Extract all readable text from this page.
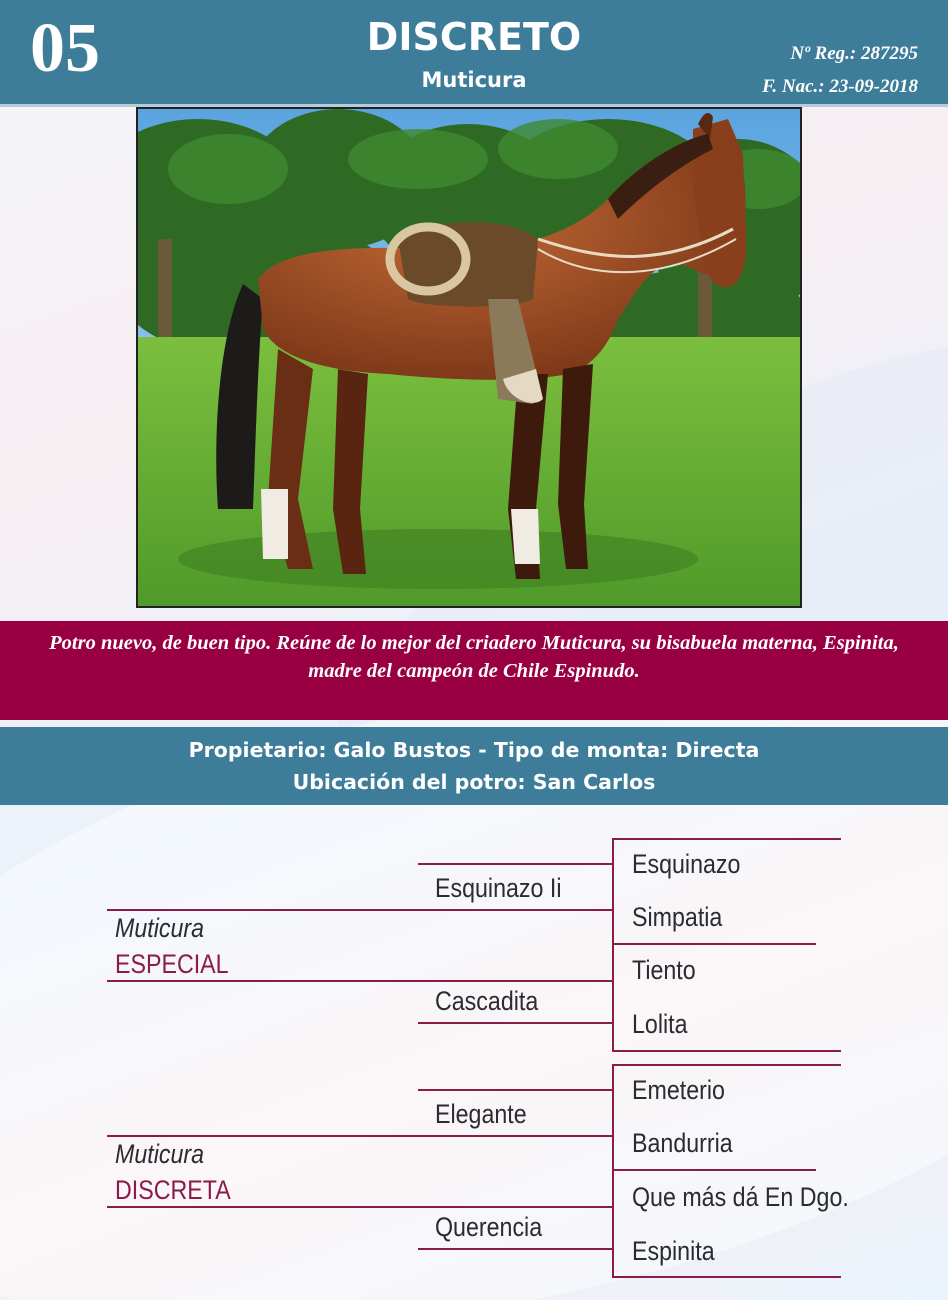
05	DISCRETO
Muticura
Nº Reg.: 287295
F. Nac.: 23-09-2018

Potro nuevo, de buen tipo. Reúne de lo mejor del criadero Muticura, su bisabuela materna, Espinita, madre del campeón de Chile Espinudo.

Propietario: Galo Bustos - Tipo de monta: Directa
Ubicación del potro: San Carlos
Muticura
ESPECIAL
Muticura
DISCRETA
Esquinazo Ii
Cascadita
Elegante
Querencia
Esquinazo
Simpatia
Tiento
Lolita
Emeterio
Bandurria
Que más dá En Dgo.
Espinita
